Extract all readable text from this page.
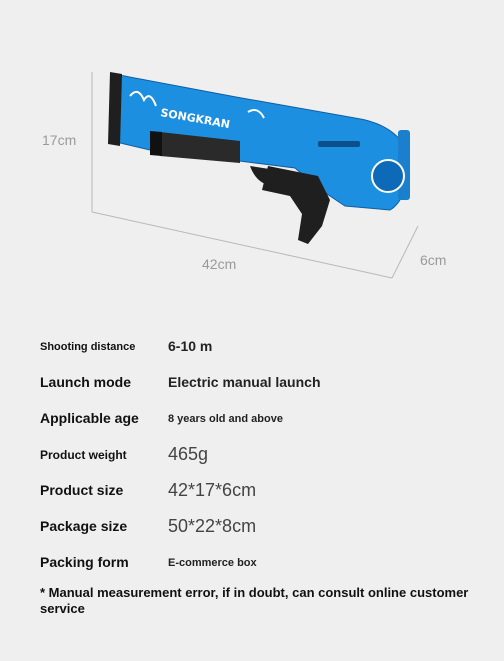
SONGKRAN
17cm
42cm	6cm
Shooting distance 6-10 m
Launch mode	Electric manual launch
Applicable age	8 years old and above
Product weight 465g
Product size 42*17*6cm
Package size 50*22*8cm
Packing form	E-commerce box
* Manual measurement error, if in doubt, can consult online customer service
